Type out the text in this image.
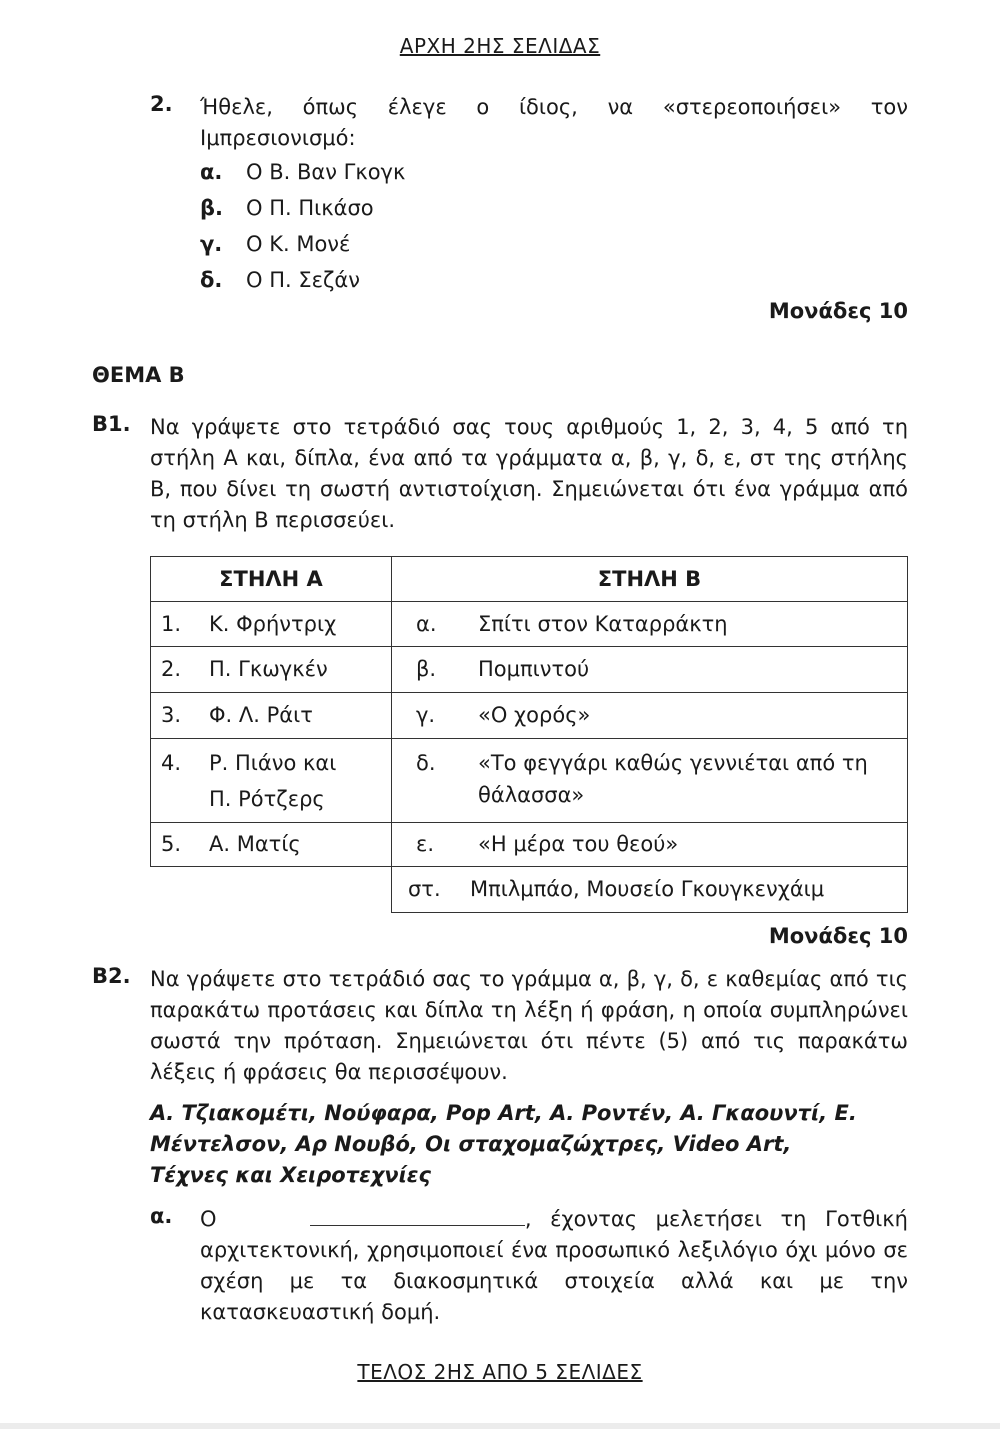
ΑΡΧΗ 2ΗΣ ΣΕΛΙΔΑΣ
2. Ήθελε, όπως έλεγε ο ίδιος, να «στερεοποιήσει» τον Ιμπρεσιονισμό:
α. Ο Β. Βαν Γκογκ
β. Ο Π. Πικάσο
γ. Ο Κ. Μονέ
δ. Ο Π. Σεζάν
Μονάδες 10
ΘΕΜΑ Β
Β1. Να γράψετε στο τετράδιό σας τους αριθμούς 1, 2, 3, 4, 5 από τη στήλη Α και, δίπλα, ένα από τα γράμματα α, β, γ, δ, ε, στ της στήλης Β, που δίνει τη σωστή αντιστοίχιση. Σημειώνεται ότι ένα γράμμα από τη στήλη Β περισσεύει.
ΣΤΗΛΗ Α	ΣΤΗΛΗ Β

1. Κ. Φρήντριχ	α. Σπίτι στον Καταρράκτη

2. Π. Γκωγκέν	β. Πομπιντού

3. Φ. Λ. Ράιτ	γ. «Ο χορός»

4. Ρ. Πιάνο και Π. Ρότζερς	δ. «Το φεγγάρι καθώς γεννιέται από τη θάλασσα»

5. Α. Ματίς	ε. «Η μέρα του θεού»

	στ. Μπιλμπάο, Μουσείο Γκουγκενχάιμ
Μονάδες 10
Β2. Να γράψετε στο τετράδιό σας το γράμμα α, β, γ, δ, ε καθεμίας από τις παρακάτω προτάσεις και δίπλα τη λέξη ή φράση, η οποία συμπληρώνει σωστά την πρόταση. Σημειώνεται ότι πέντε (5) από τις παρακάτω λέξεις ή φράσεις θα περισσέψουν.
Α. Τζιακομέτι, Νούφαρα, Pop Art, Α. Ροντέν, Α. Γκαουντί, Ε. Μέντελσον, Αρ Νουβό, Οι σταχομαζώχτρες, Video Art, Τέχνες και Χειροτεχνίες
α. Ο	, έχοντας μελετήσει τη Γοτθική αρχιτεκτονική, χρησιμοποιεί ένα προσωπικό λεξιλόγιο όχι μόνο σε σχέση με τα διακοσμητικά στοιχεία αλλά και με την κατασκευαστική δομή.
ΤΕΛΟΣ 2ΗΣ ΑΠΟ 5 ΣΕΛΙΔΕΣ
